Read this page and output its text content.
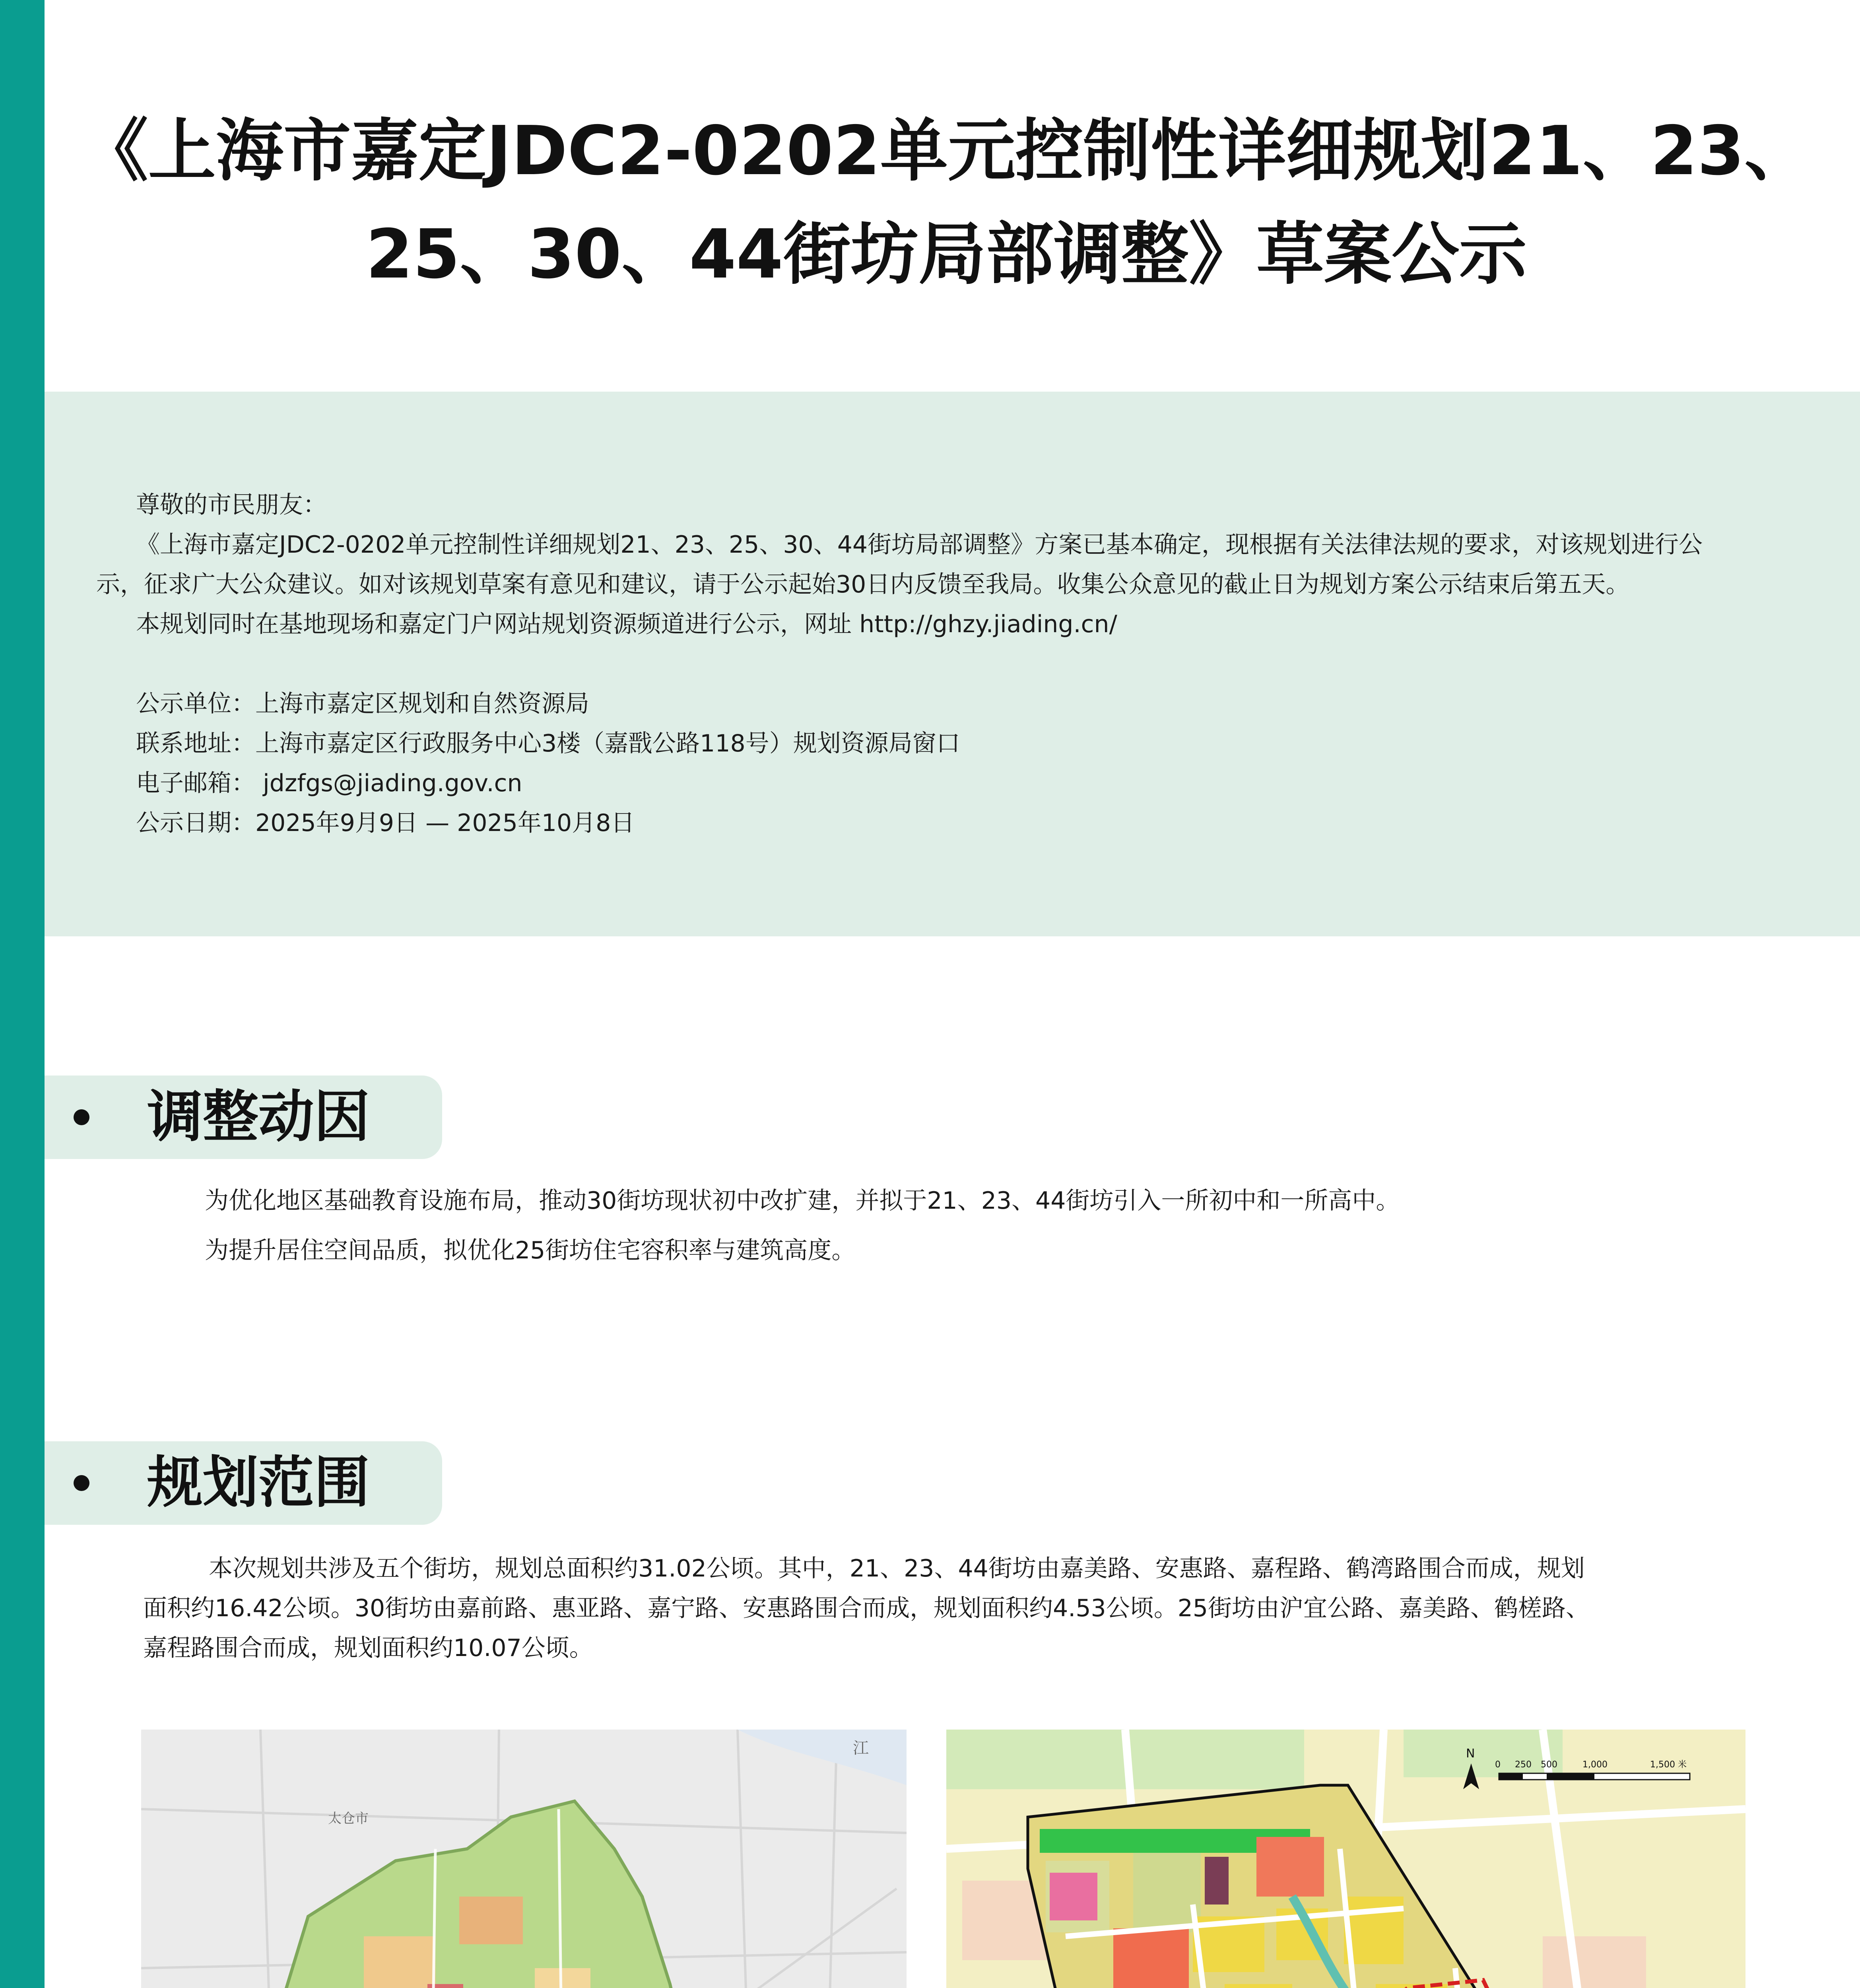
《上海市嘉定JDC2-0202单元控制性详细规划21、23、
25、30、44街坊局部调整》草案公示

尊敬的市民朋友：

《上海市嘉定JDC2-0202单元控制性详细规划21、23、25、30、44街坊局部调整》方案已基本确定，现根据有关法律法规的要求，对该规划进行公

示，征求广大公众建议。如对该规划草案有意见和建议，请于公示起始30日内反馈至我局。收集公众意见的截止日为规划方案公示结束后第五天。

本规划同时在基地现场和嘉定门户网站规划资源频道进行公示，网址 http://ghzy.jiading.cn/

公示单位：上海市嘉定区规划和自然资源局

联系地址：上海市嘉定区行政服务中心3楼（嘉戬公路118号）规划资源局窗口

电子邮箱： jdzfgs@jiading.gov.cn

公示日期：2025年9月9日 — 2025年10月8日

调整动因
为优化地区基础教育设施布局，推动30街坊现状初中改扩建，并拟于21、23、44街坊引入一所初中和一所高中。
为提升居住空间品质，拟优化25街坊住宅容积率与建筑高度。
规划范围
本次规划共涉及五个街坊，规划总面积约31.02公顷。其中，21、23、44街坊由嘉美路、安惠路、嘉程路、鹤湾路围合而成，规划
面积约16.42公顷。30街坊由嘉前路、惠亚路、嘉宁路、安惠路围合而成，规划面积约4.53公顷。25街坊由沪宜公路、嘉美路、鹤槎路、
嘉程路围合而成，规划面积约10.07公顷。
太仓市
江	N
0 250 500	1,000	1,500 米
